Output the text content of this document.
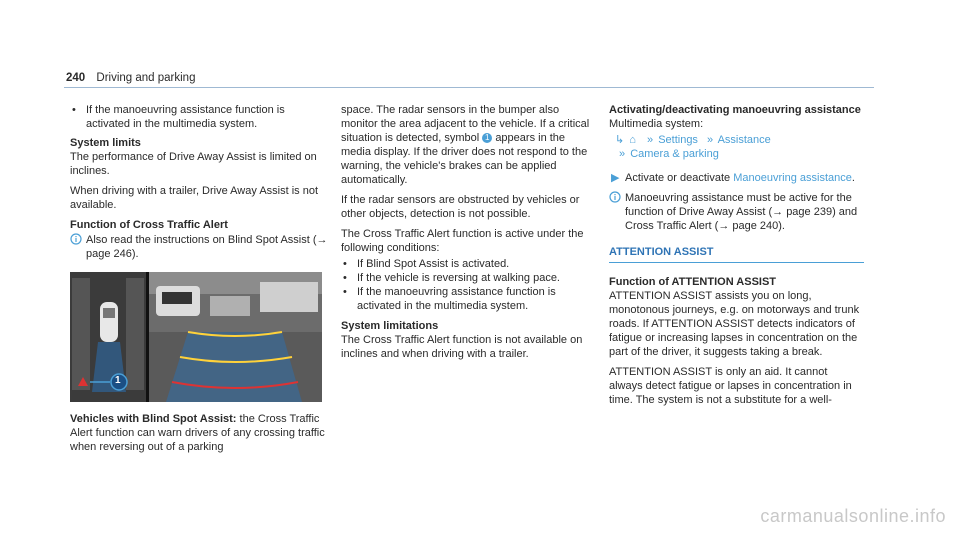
240 Driving and parking
• If the manoeuvring assistance function is activated in the multimedia system.

System limits

The performance of Drive Away Assist is limited on inclines.

When driving with a trailer, Drive Away Assist is not available.

Function of Cross Traffic Alert

Also read the instructions on Blind Spot Assist (→ page 246).
1

Vehicles with Blind Spot Assist: the Cross Traffic Alert function can warn drivers of any crossing traffic when reversing out of a parking

space. The radar sensors in the bumper also monitor the area adjacent to the vehicle. If a critical situation is detected, symbol 1 appears in the media display. If the driver does not respond to the warning, the vehicle's brakes can be applied automatically.

If the radar sensors are obstructed by vehicles or other objects, detection is not possible.

The Cross Traffic Alert function is active under the following conditions:

• If Blind Spot Assist is activated.
• If the vehicle is reversing at walking pace.
• If the manoeuvring assistance function is activated in the multimedia system.

System limitations

The Cross Traffic Alert function is not available on inclines and when driving with a trailer.

Activating/deactivating manoeuvring assistance

Multimedia system:

↳ ⌂ » Settings » Assistance
» Camera & parking
▶ Activate or deactivate Manoeuvring assistance.
Manoeuvring assistance must be active for the function of Drive Away Assist (→ page 239) and Cross Traffic Alert (→ page 240).
ATTENTION ASSIST

Function of ATTENTION ASSIST

ATTENTION ASSIST assists you on long, monotonous journeys, e.g. on motorways and trunk roads. If ATTENTION ASSIST detects indicators of fatigue or increasing lapses in concentration on the part of the driver, it suggests taking a break.

ATTENTION ASSIST is only an aid. It cannot always detect fatigue or lapses in concentration in time. The system is not a substitute for a well-

carmanualsonline.info
